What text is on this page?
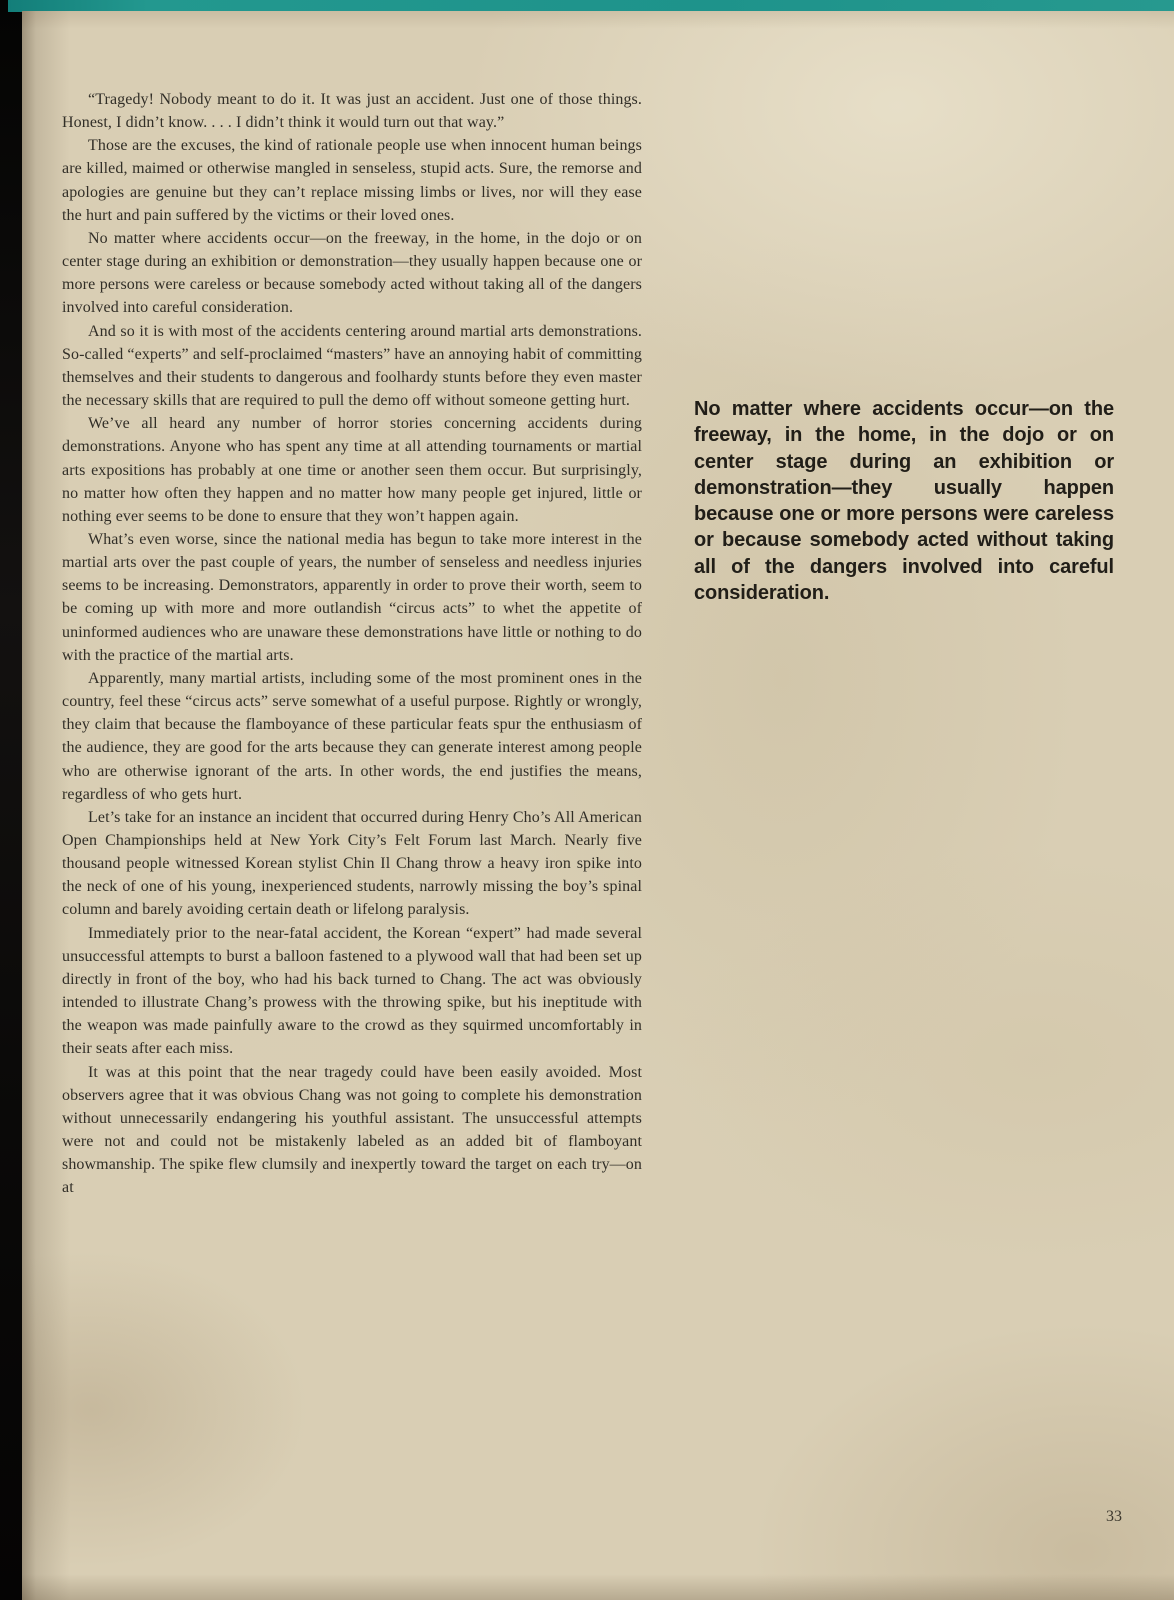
“Tragedy! Nobody meant to do it. It was just an accident. Just one of those things. Honest, I didn’t know. . . . I didn’t think it would turn out that way.”

Those are the excuses, the kind of rationale people use when innocent human beings are killed, maimed or otherwise mangled in senseless, stupid acts. Sure, the remorse and apologies are genuine but they can’t replace missing limbs or lives, nor will they ease the hurt and pain suffered by the victims or their loved ones.

No matter where accidents occur—on the freeway, in the home, in the dojo or on center stage during an exhibition or demonstration—they usually happen because one or more persons were careless or because somebody acted without taking all of the dangers involved into careful consideration.

And so it is with most of the accidents centering around martial arts demonstrations. So-called “experts” and self-proclaimed “masters” have an annoying habit of committing themselves and their students to dangerous and foolhardy stunts before they even master the necessary skills that are required to pull the demo off without someone getting hurt.

We’ve all heard any number of horror stories concerning accidents during demonstrations. Anyone who has spent any time at all attending tournaments or martial arts expositions has probably at one time or another seen them occur. But surprisingly, no matter how often they happen and no matter how many people get injured, little or nothing ever seems to be done to ensure that they won’t happen again.

What’s even worse, since the national media has begun to take more interest in the martial arts over the past couple of years, the number of senseless and needless injuries seems to be increasing. Demonstrators, apparently in order to prove their worth, seem to be coming up with more and more outlandish “circus acts” to whet the appetite of uninformed audiences who are unaware these demonstrations have little or nothing to do with the practice of the martial arts.

Apparently, many martial artists, including some of the most prominent ones in the country, feel these “circus acts” serve somewhat of a useful purpose. Rightly or wrongly, they claim that because the flamboyance of these particular feats spur the enthusiasm of the audience, they are good for the arts because they can generate interest among people who are otherwise ignorant of the arts. In other words, the end justifies the means, regardless of who gets hurt.

Let’s take for an instance an incident that occurred during Henry Cho’s All American Open Championships held at New York City’s Felt Forum last March. Nearly five thousand people witnessed Korean stylist Chin Il Chang throw a heavy iron spike into the neck of one of his young, inexperienced students, narrowly missing the boy’s spinal column and barely avoiding certain death or lifelong paralysis.

Immediately prior to the near-fatal accident, the Korean “expert” had made several unsuccessful attempts to burst a balloon fastened to a plywood wall that had been set up directly in front of the boy, who had his back turned to Chang. The act was obviously intended to illustrate Chang’s prowess with the throwing spike, but his ineptitude with the weapon was made painfully aware to the crowd as they squirmed uncomfortably in their seats after each miss.

It was at this point that the near tragedy could have been easily avoided. Most observers agree that it was obvious Chang was not going to complete his demonstration without unnecessarily endangering his youthful assistant. The unsuccessful attempts were not and could not be mistakenly labeled as an added bit of flamboyant showmanship. The spike flew clumsily and inexpertly toward the target on each try—on at

No matter where accidents occur—on the freeway, in the home, in the dojo or on center stage during an exhibition or demonstration—they usually happen because one or more persons were careless or because somebody acted without taking all of the dangers involved into careful consideration.
33
